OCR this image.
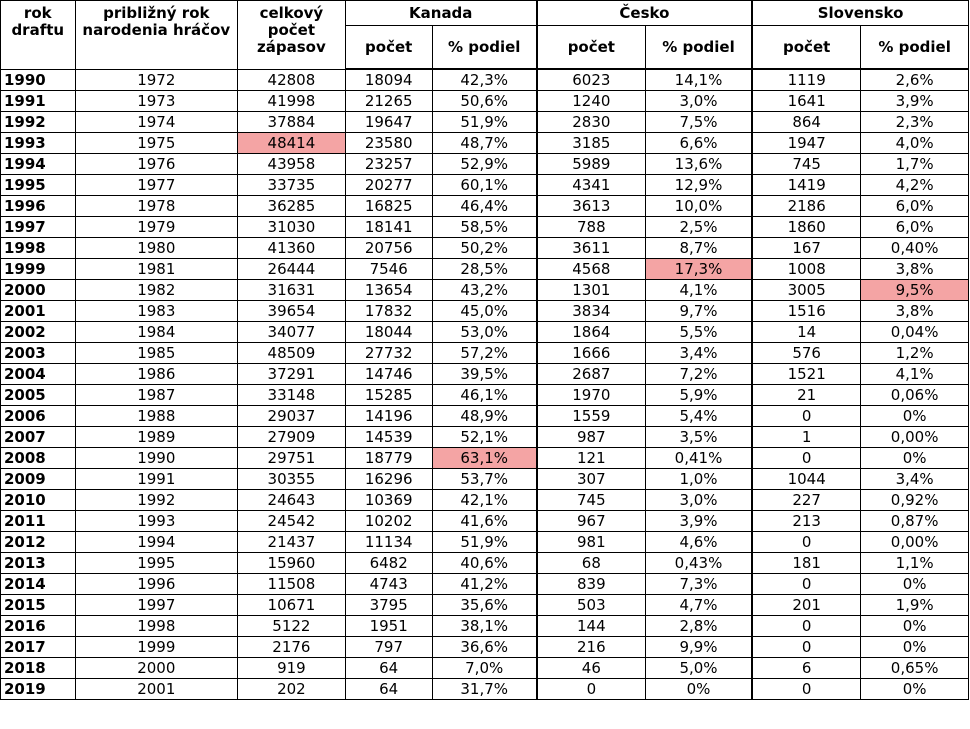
rok draftu	približný rok narodenia hráčov	celkový počet zápasov	Kanada		Česko		Slovensko	
			počet	% podiel	počet	% podiel	počet	% podiel
1990	1972	42808	18094	42,3%	6023	14,1%	1119	2,6%
1991	1973	41998	21265	50,6%	1240	3,0%	1641	3,9%
1992	1974	37884	19647	51,9%	2830	7,5%	864	2,3%
1993	1975	48414	23580	48,7%	3185	6,6%	1947	4,0%
1994	1976	43958	23257	52,9%	5989	13,6%	745	1,7%
1995	1977	33735	20277	60,1%	4341	12,9%	1419	4,2%
1996	1978	36285	16825	46,4%	3613	10,0%	2186	6,0%
1997	1979	31030	18141	58,5%	788	2,5%	1860	6,0%
1998	1980	41360	20756	50,2%	3611	8,7%	167	0,40%
1999	1981	26444	7546	28,5%	4568	17,3%	1008	3,8%
2000	1982	31631	13654	43,2%	1301	4,1%	3005	9,5%
2001	1983	39654	17832	45,0%	3834	9,7%	1516	3,8%
2002	1984	34077	18044	53,0%	1864	5,5%	14	0,04%
2003	1985	48509	27732	57,2%	1666	3,4%	576	1,2%
2004	1986	37291	14746	39,5%	2687	7,2%	1521	4,1%
2005	1987	33148	15285	46,1%	1970	5,9%	21	0,06%
2006	1988	29037	14196	48,9%	1559	5,4%	0	0%
2007	1989	27909	14539	52,1%	987	3,5%	1	0,00%
2008	1990	29751	18779	63,1%	121	0,41%	0	0%
2009	1991	30355	16296	53,7%	307	1,0%	1044	3,4%
2010	1992	24643	10369	42,1%	745	3,0%	227	0,92%
2011	1993	24542	10202	41,6%	967	3,9%	213	0,87%
2012	1994	21437	11134	51,9%	981	4,6%	0	0,00%
2013	1995	15960	6482	40,6%	68	0,43%	181	1,1%
2014	1996	11508	4743	41,2%	839	7,3%	0	0%
2015	1997	10671	3795	35,6%	503	4,7%	201	1,9%
2016	1998	5122	1951	38,1%	144	2,8%	0	0%
2017	1999	2176	797	36,6%	216	9,9%	0	0%
2018	2000	919	64	7,0%	46	5,0%	6	0,65%
2019	2001	202	64	31,7%	0	0%	0	0%
